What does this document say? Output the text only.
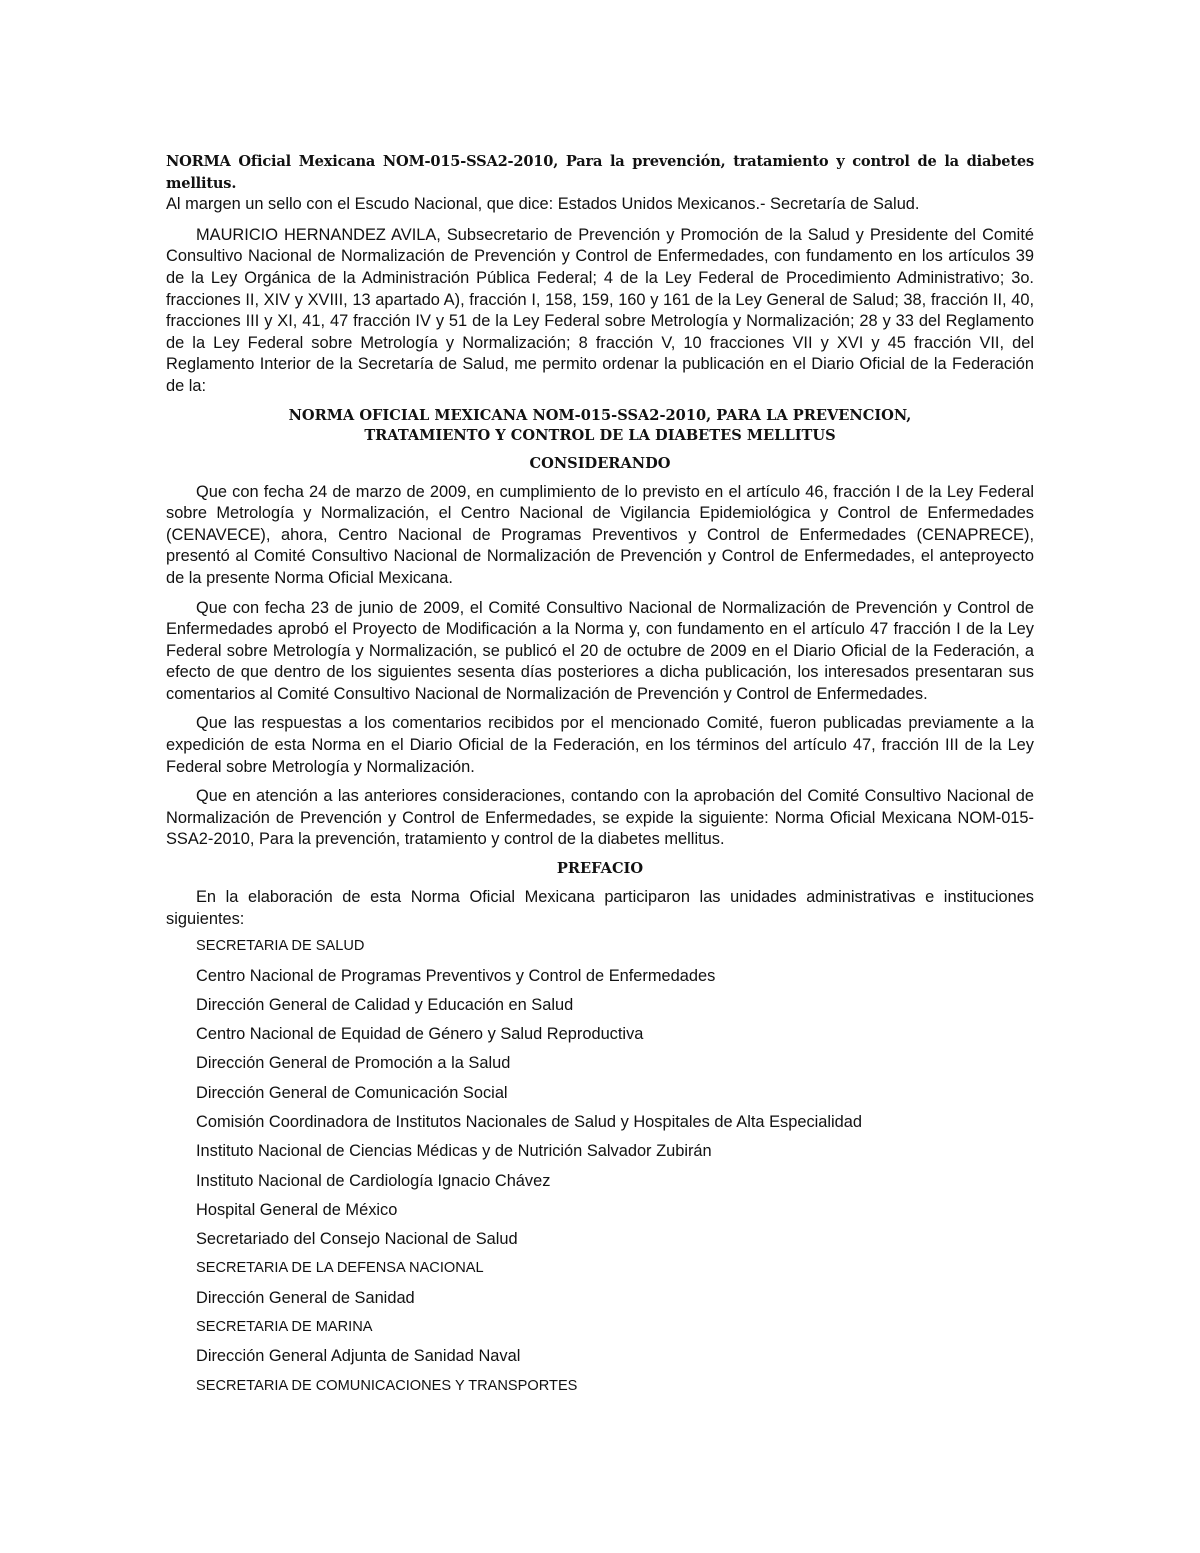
NORMA Oficial Mexicana NOM-015-SSA2-2010, Para la prevención, tratamiento y control de la diabetes mellitus.

Al margen un sello con el Escudo Nacional, que dice: Estados Unidos Mexicanos.- Secretaría de Salud.

MAURICIO HERNANDEZ AVILA, Subsecretario de Prevención y Promoción de la Salud y Presidente del Comité Consultivo Nacional de Normalización de Prevención y Control de Enfermedades, con fundamento en los artículos 39 de la Ley Orgánica de la Administración Pública Federal; 4 de la Ley Federal de Procedimiento Administrativo; 3o. fracciones II, XIV y XVIII, 13 apartado A), fracción I, 158, 159, 160 y 161 de la Ley General de Salud; 38, fracción II, 40, fracciones III y XI, 41, 47 fracción IV y 51 de la Ley Federal sobre Metrología y Normalización; 28 y 33 del Reglamento de la Ley Federal sobre Metrología y Normalización; 8 fracción V, 10 fracciones VII y XVI y 45 fracción VII, del Reglamento Interior de la Secretaría de Salud, me permito ordenar la publicación en el Diario Oficial de la Federación de la:

NORMA OFICIAL MEXICANA NOM-015-SSA2-2010, PARA LA PREVENCION, TRATAMIENTO Y CONTROL DE LA DIABETES MELLITUS
CONSIDERANDO

Que con fecha 24 de marzo de 2009, en cumplimiento de lo previsto en el artículo 46, fracción I de la Ley Federal sobre Metrología y Normalización, el Centro Nacional de Vigilancia Epidemiológica y Control de Enfermedades (CENAVECE), ahora, Centro Nacional de Programas Preventivos y Control de Enfermedades (CENAPRECE), presentó al Comité Consultivo Nacional de Normalización de Prevención y Control de Enfermedades, el anteproyecto de la presente Norma Oficial Mexicana.

Que con fecha 23 de junio de 2009, el Comité Consultivo Nacional de Normalización de Prevención y Control de Enfermedades aprobó el Proyecto de Modificación a la Norma y, con fundamento en el artículo 47 fracción I de la Ley Federal sobre Metrología y Normalización, se publicó el 20 de octubre de 2009 en el Diario Oficial de la Federación, a efecto de que dentro de los siguientes sesenta días posteriores a dicha publicación, los interesados presentaran sus comentarios al Comité Consultivo Nacional de Normalización de Prevención y Control de Enfermedades.

Que las respuestas a los comentarios recibidos por el mencionado Comité, fueron publicadas previamente a la expedición de esta Norma en el Diario Oficial de la Federación, en los términos del artículo 47, fracción III de la Ley Federal sobre Metrología y Normalización.

Que en atención a las anteriores consideraciones, contando con la aprobación del Comité Consultivo Nacional de Normalización de Prevención y Control de Enfermedades, se expide la siguiente: Norma Oficial Mexicana NOM-015-SSA2-2010, Para la prevención, tratamiento y control de la diabetes mellitus.

PREFACIO

En la elaboración de esta Norma Oficial Mexicana participaron las unidades administrativas e instituciones siguientes:

SECRETARIA DE SALUD
Centro Nacional de Programas Preventivos y Control de Enfermedades
Dirección General de Calidad y Educación en Salud
Centro Nacional de Equidad de Género y Salud Reproductiva
Dirección General de Promoción a la Salud
Dirección General de Comunicación Social
Comisión Coordinadora de Institutos Nacionales de Salud y Hospitales de Alta Especialidad
Instituto Nacional de Ciencias Médicas y de Nutrición Salvador Zubirán
Instituto Nacional de Cardiología Ignacio Chávez
Hospital General de México
Secretariado del Consejo Nacional de Salud
SECRETARIA DE LA DEFENSA NACIONAL
Dirección General de Sanidad
SECRETARIA DE MARINA
Dirección General Adjunta de Sanidad Naval
SECRETARIA DE COMUNICACIONES Y TRANSPORTES
